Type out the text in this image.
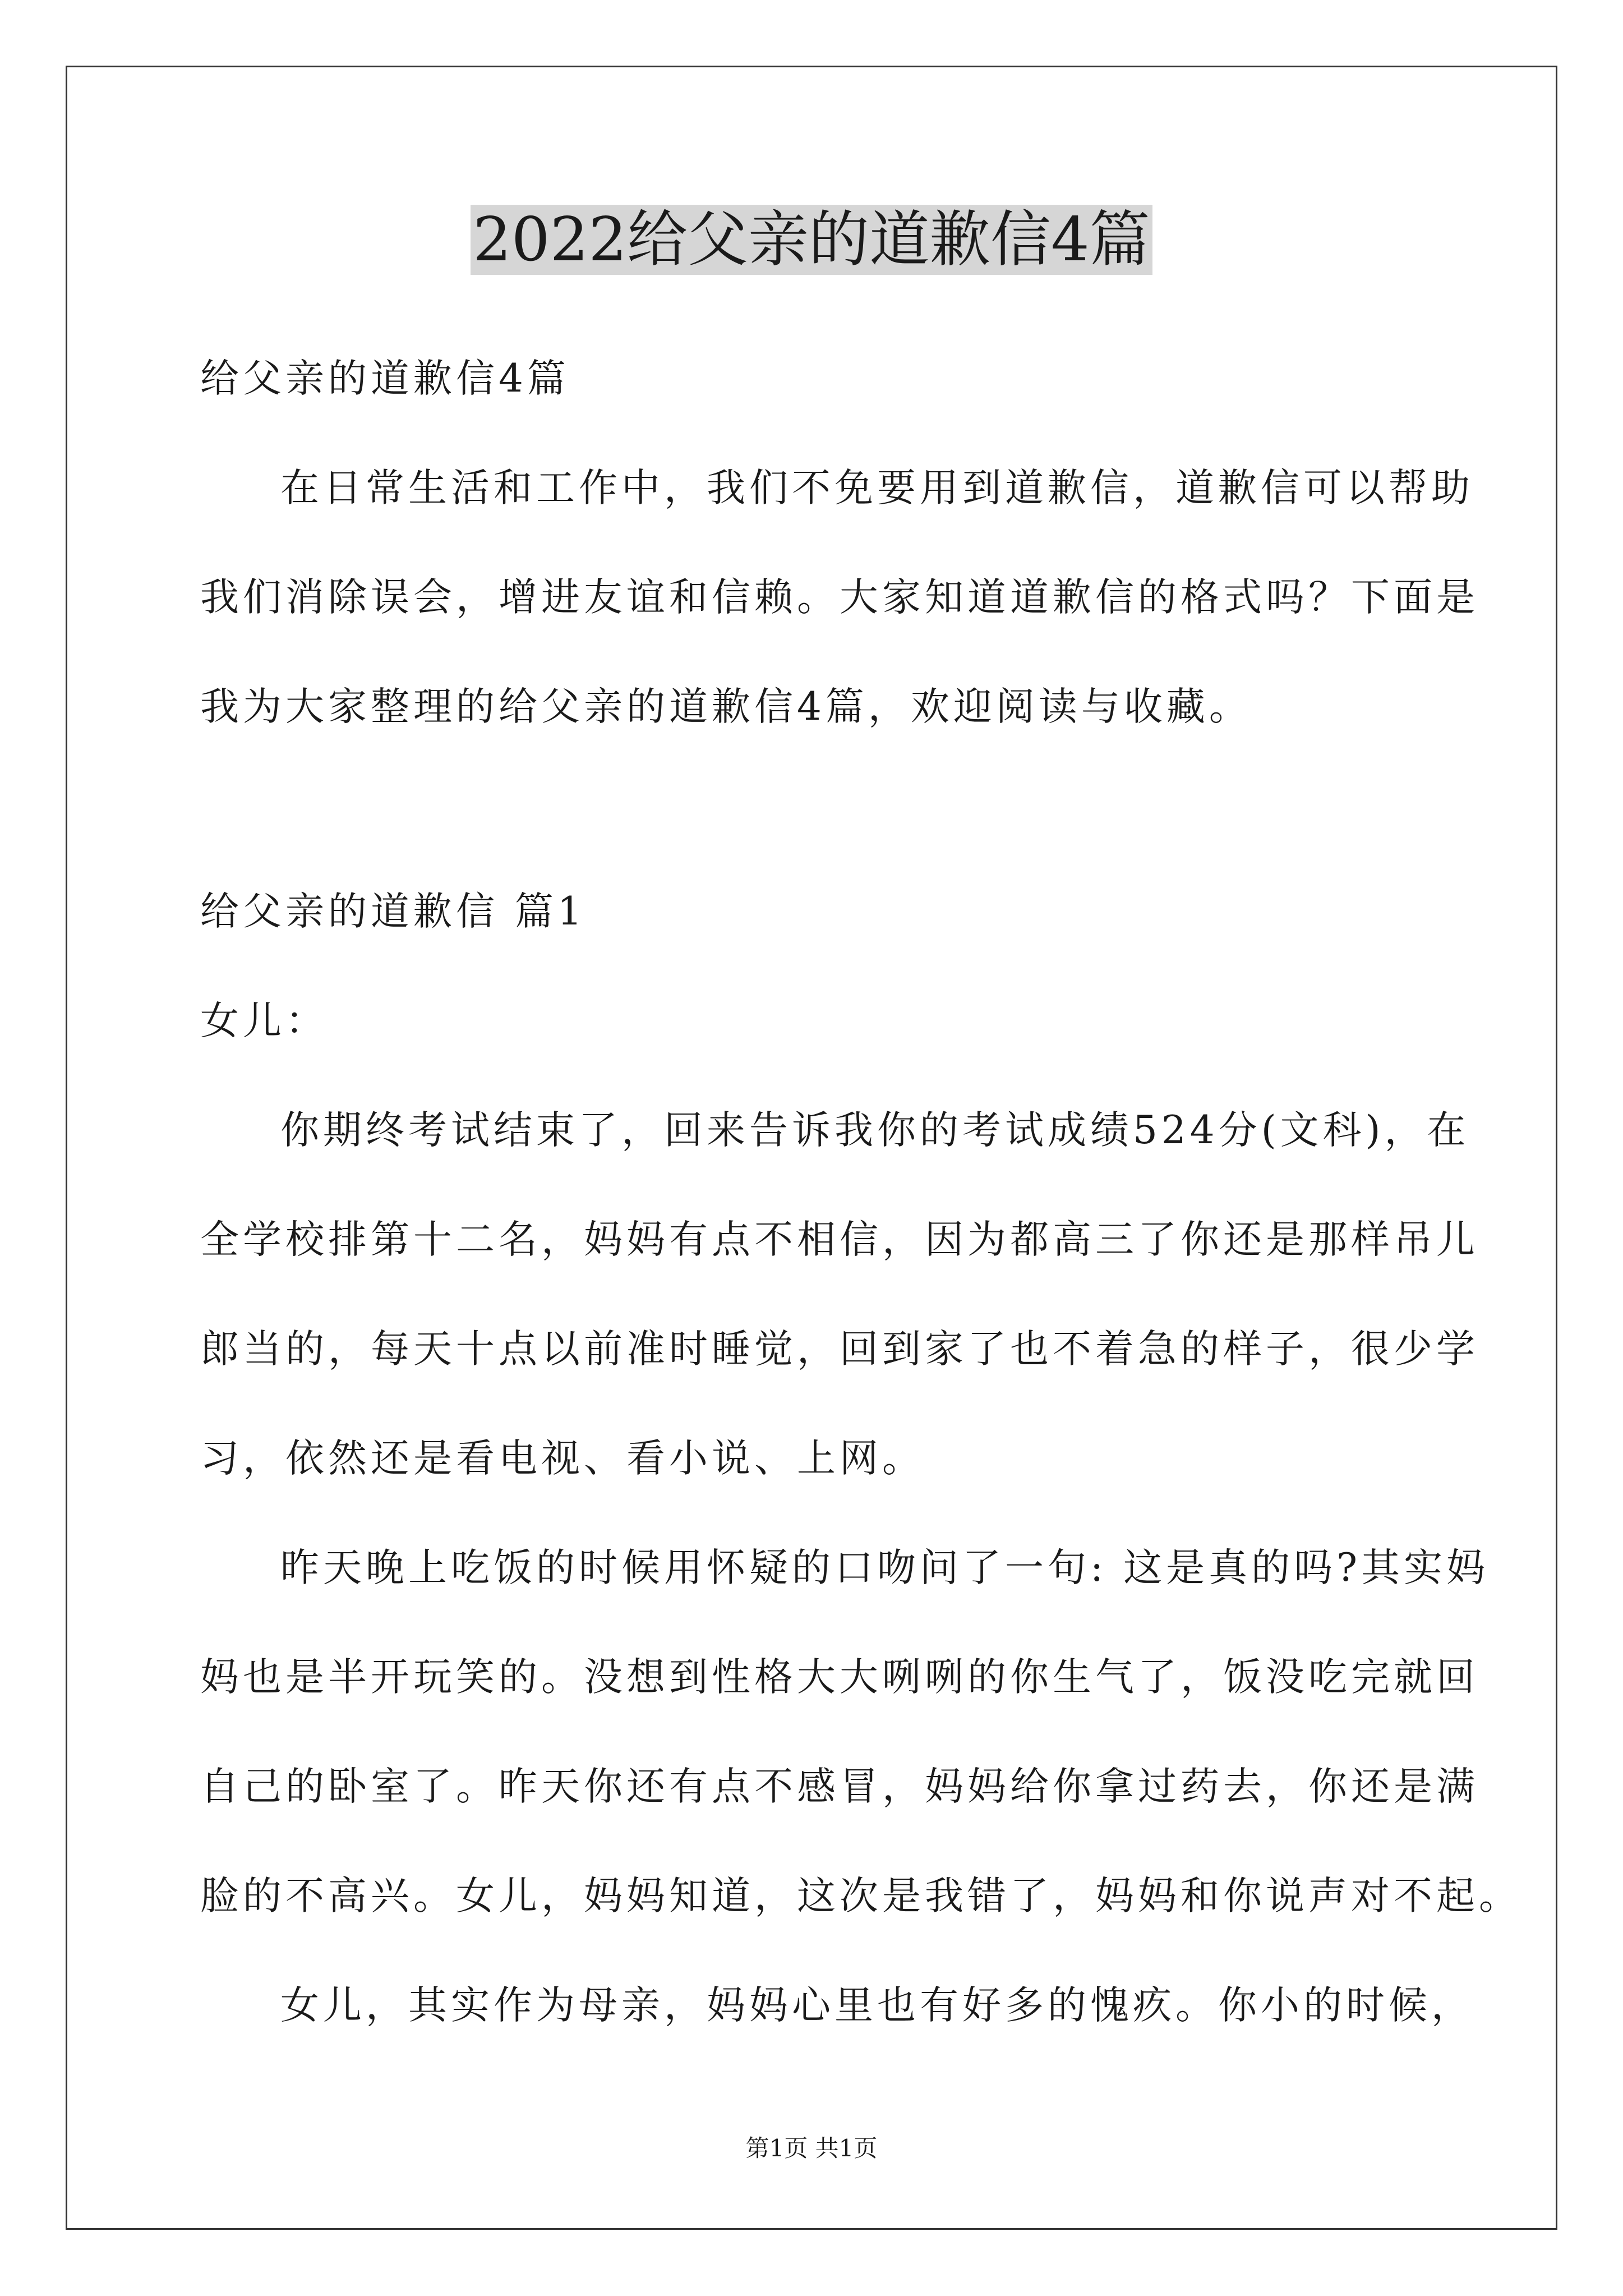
2022给父亲的道歉信4篇
给父亲的道歉信4篇
在日常生活和工作中，我们不免要用到道歉信，道歉信可以帮助
我们消除误会，增进友谊和信赖。大家知道道歉信的格式吗？下面是
我为大家整理的给父亲的道歉信4篇，欢迎阅读与收藏。
给父亲的道歉信 篇1
女儿：
你期终考试结束了，回来告诉我你的考试成绩524分(文科)，在
全学校排第十二名，妈妈有点不相信，因为都高三了你还是那样吊儿
郎当的，每天十点以前准时睡觉，回到家了也不着急的样子，很少学
习，依然还是看电视、看小说、上网。
昨天晚上吃饭的时候用怀疑的口吻问了一句: 这是真的吗?其实妈
妈也是半开玩笑的。没想到性格大大咧咧的你生气了，饭没吃完就回
自己的卧室了。昨天你还有点不感冒，妈妈给你拿过药去，你还是满
脸的不高兴。女儿，妈妈知道，这次是我错了，妈妈和你说声对不起。
女儿，其实作为母亲，妈妈心里也有好多的愧疚。你小的时候，
第1页 共1页
